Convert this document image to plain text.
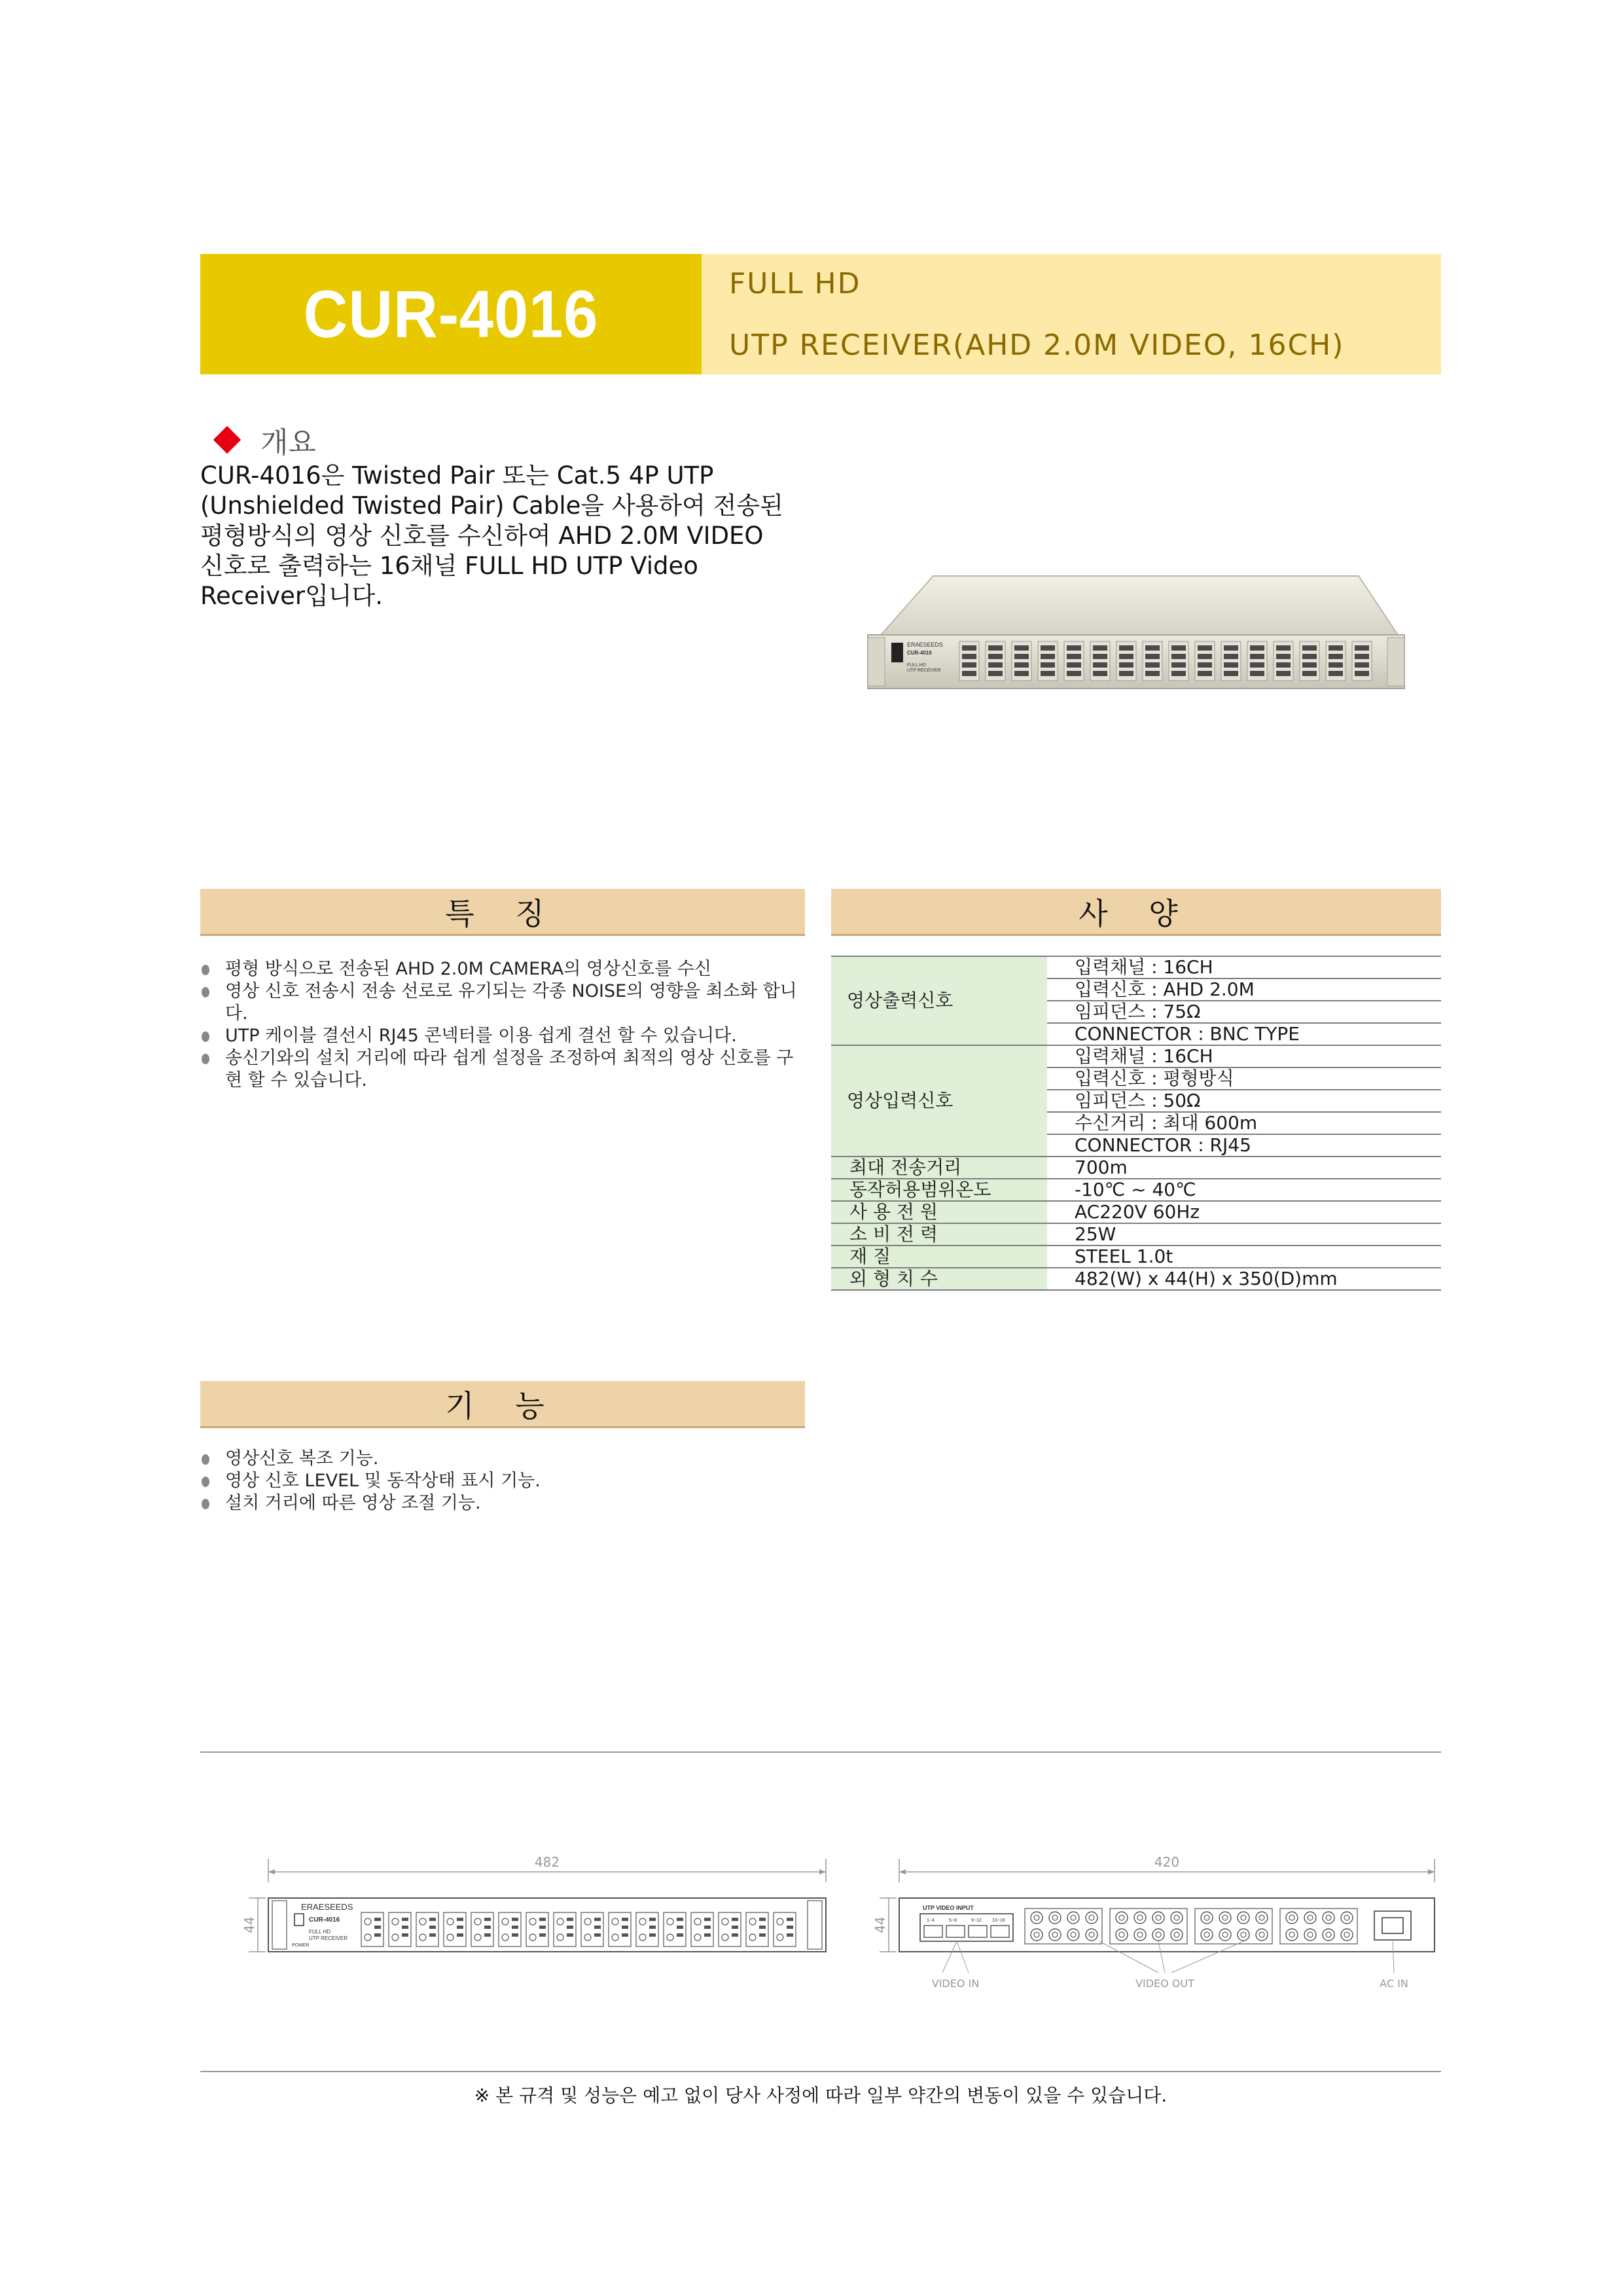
CUR-4016	FULL HD
UTP RECEIVER(AHD 2.0M VIDEO, 16CH)
개요
CUR-4016은 Twisted Pair 또는 Cat.5 4P UTP
(Unshielded Twisted Pair) Cable을 사용하여 전송된
평형방식의 영상 신호를 수신하여 AHD 2.0M VIDEO
신호로 출력하는 16채널 FULL HD UTP Video
Receiver입니다.
ERAESEEDS
CUR-4016
FULL HD
UTP RECEIVER
특 징
평형 방식으로 전송된 AHD 2.0M CAMERA의 영상신호를 수신
영상 신호 전송시 전송 선로로 유기되는 각종 NOISE의 영향을 최소화 합니다.
UTP 케이블 결선시 RJ45 콘넥터를 이용 쉽게 결선 할 수 있습니다.
송신기와의 설치 거리에 따라 쉽게 설정을 조정하여 최적의 영상 신호를 구현 할 수 있습니다.
사 양
영상출력신호	입력채널 : 16CH
	입력신호 : AHD 2.0M
	임피던스 : 75Ω
	CONNECTOR : BNC TYPE
영상입력신호	입력채널 : 16CH
	입력신호 : 평형방식
	임피던스 : 50Ω
	수신거리 : 최대 600m
	CONNECTOR : RJ45
최대 전송거리	700m
동작허용범위온도	-10℃ ~ 40℃
사 용 전 원	AC220V 60Hz
소 비 전 력	25W
재 질	STEEL 1.0t
외 형 치 수	482(W) x 44(H) x 350(D)mm
기 능
영상신호 복조 기능.
영상 신호 LEVEL 및 동작상태 표시 기능.
설치 거리에 따른 영상 조절 기능.
482
44
ERAESEEDS
CUR-4016
FULL HD
UTP RECEIVER
POWER
420
44
UTP VIDEO INPUT
1~4	5~8	9~12 13~16
VIDEO IN	VIDEO OUT	AC IN
※ 본 규격 및 성능은 예고 없이 당사 사정에 따라 일부 약간의 변동이 있을 수 있습니다.
